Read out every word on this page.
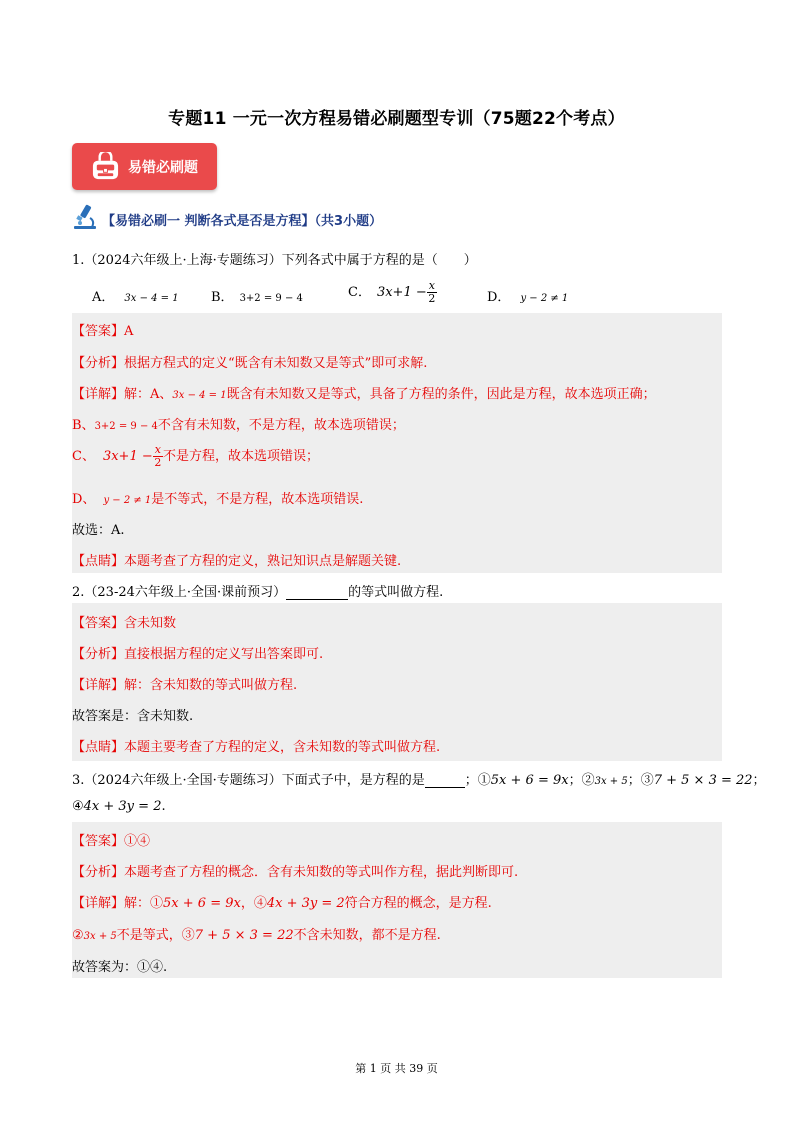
专题11 一元一次方程易错必刷题型专训（75题22个考点）
易错必刷题
【易错必刷一 判断各式是否是方程】（共3小题）
1.（2024六年级上·上海·专题练习）下列各式中属于方程的是（　　）
A． 3x − 4 = 1 B． 3+2 = 9 − 4	C． $3x+1 - \frac{x}{2}$	D． y − 2 ≠ 1
【答案】A
【分析】根据方程式的定义“既含有未知数又是等式”即可求解.
【详解】解：A、3x − 4 = 1既含有未知数又是等式，具备了方程的条件，因此是方程，故本选项正确；
B、3+2 = 9 − 4不含有未知数，不是方程，故本选项错误；
C、 $3x+1 - \frac{x}{2}$ 不是方程，故本选项错误；
D、 y − 2 ≠ 1是不等式，不是方程，故本选项错误.
故选：A.
【点睛】本题考查了方程的定义，熟记知识点是解题关键.
2.（23-24六年级上·全国·课前预习）	的等式叫做方程.
【答案】含未知数
【分析】直接根据方程的定义写出答案即可.
【详解】解：含未知数的等式叫做方程.
故答案是：含未知数.
【点睛】本题主要考查了方程的定义，含未知数的等式叫做方程.
3.（2024六年级上·全国·专题练习）下面式子中，是方程的是	；①5x + 6 = 9x；②3x + 5；③7 + 5 × 3 = 22；
④4x + 3y = 2.
【答案】①④
【分析】本题考查了方程的概念．含有未知数的等式叫作方程，据此判断即可.
【详解】解：①5x + 6 = 9x，④4x + 3y = 2符合方程的概念，是方程.
②3x + 5不是等式，③7 + 5 × 3 = 22不含未知数，都不是方程.
故答案为：①④.
第 1 页 共 39 页
